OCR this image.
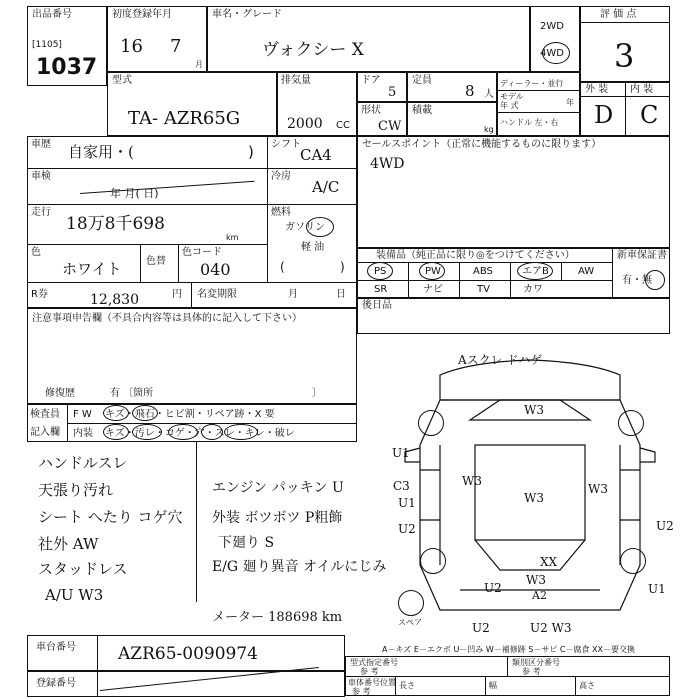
出品番号
[1105]
1037
初度登録年月
16 7
月
車名・グレード
ヴォクシー X
2WD
4WD
評 価 点
3
外 装 内 装
D C
型式
TA- AZR65G
排気量
2000 CC
ドア
5
定員
8 人
形状
CW
積載
kg
ディーラー・並行
モデル
年 式	年
ハンドル 左・右
車歴 自家用・(	) シフト
CA4
車検
年 月( 日)
冷房
A/C
走行
18万8千698
km
燃料
ガソリン
軽 油
(	)
色
ホワイト 色替
色コード
040
R券	12,830	円 名変期限	月	日
セールスポイント（正常に機能するものに限ります）
4WD
装備品（純正品に限り◎をつけてください）	新車保証書
有・無
PS	PW	ABS	エアB	AW
SR	ナビ	TV	カワ
後日品
注意事項申告欄（不具合内容等は具体的に記入して下さい）
修復歴	有 〔箇所	〕
検査員
記入欄
F W キズ・飛石・ヒビ割・リペア跡・X 要
内装 キズ・汚レ・コゲ・穴・スレ・キレ・破レ
ハンドルスレ
天張り汚れ
シート へたり コゲ穴
社外 AW
スタッドレス
A/U W3
エンジン パッキン U
外装 ボツボツ P粗飾
下廻り S
E/G 廻り異音 オイルにじみ
メーター 188698 km	スペア
Aスクレ ドハゲ
W3
W3
W3
W3
W3
U1
C3
U1
U2
U2
XX
A2
U2
U2 W3
U2
U1
A－キズ E－エクボ U－凹み W－補修跡 S－サビ C－腐食 XX－要交換
車台番号 AZR65-0090974
登録番号
型式指定番号
参 考
類別区分番号
参 考
車体番号位置
参 考
長さ	幅	高さ
